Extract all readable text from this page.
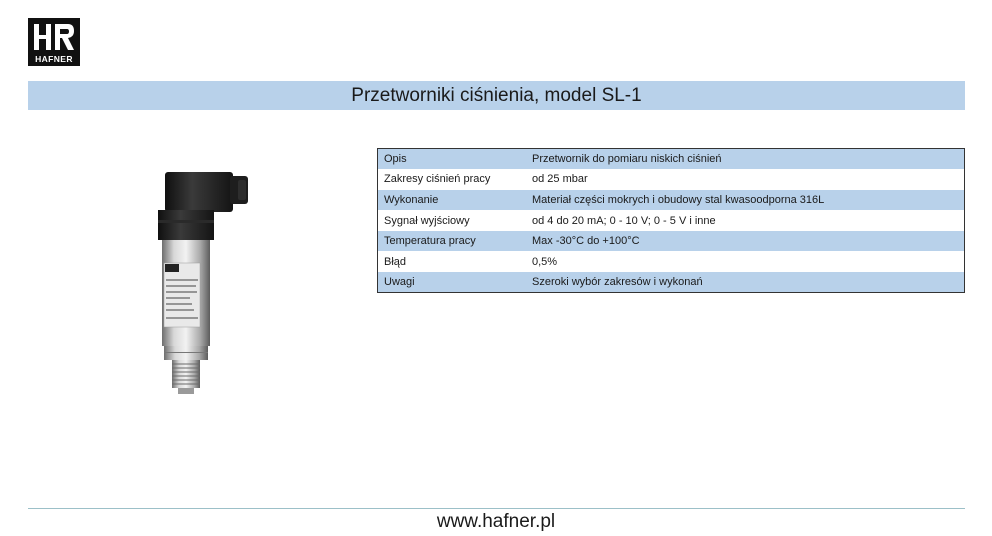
HAFNER
Przetworniki ciśnienia, model SL-1
Opis	Przetwornik do pomiaru niskich ciśnień
Zakresy ciśnień pracy	od 25 mbar
Wykonanie	Materiał części mokrych i obudowy stal kwasoodporna 316L
Sygnał wyjściowy	od 4 do 20 mA; 0 - 10 V; 0 - 5 V i inne
Temperatura pracy	Max -30°C do +100°C
Błąd	0,5%
Uwagi	Szeroki wybór zakresów i wykonań
www.hafner.pl
